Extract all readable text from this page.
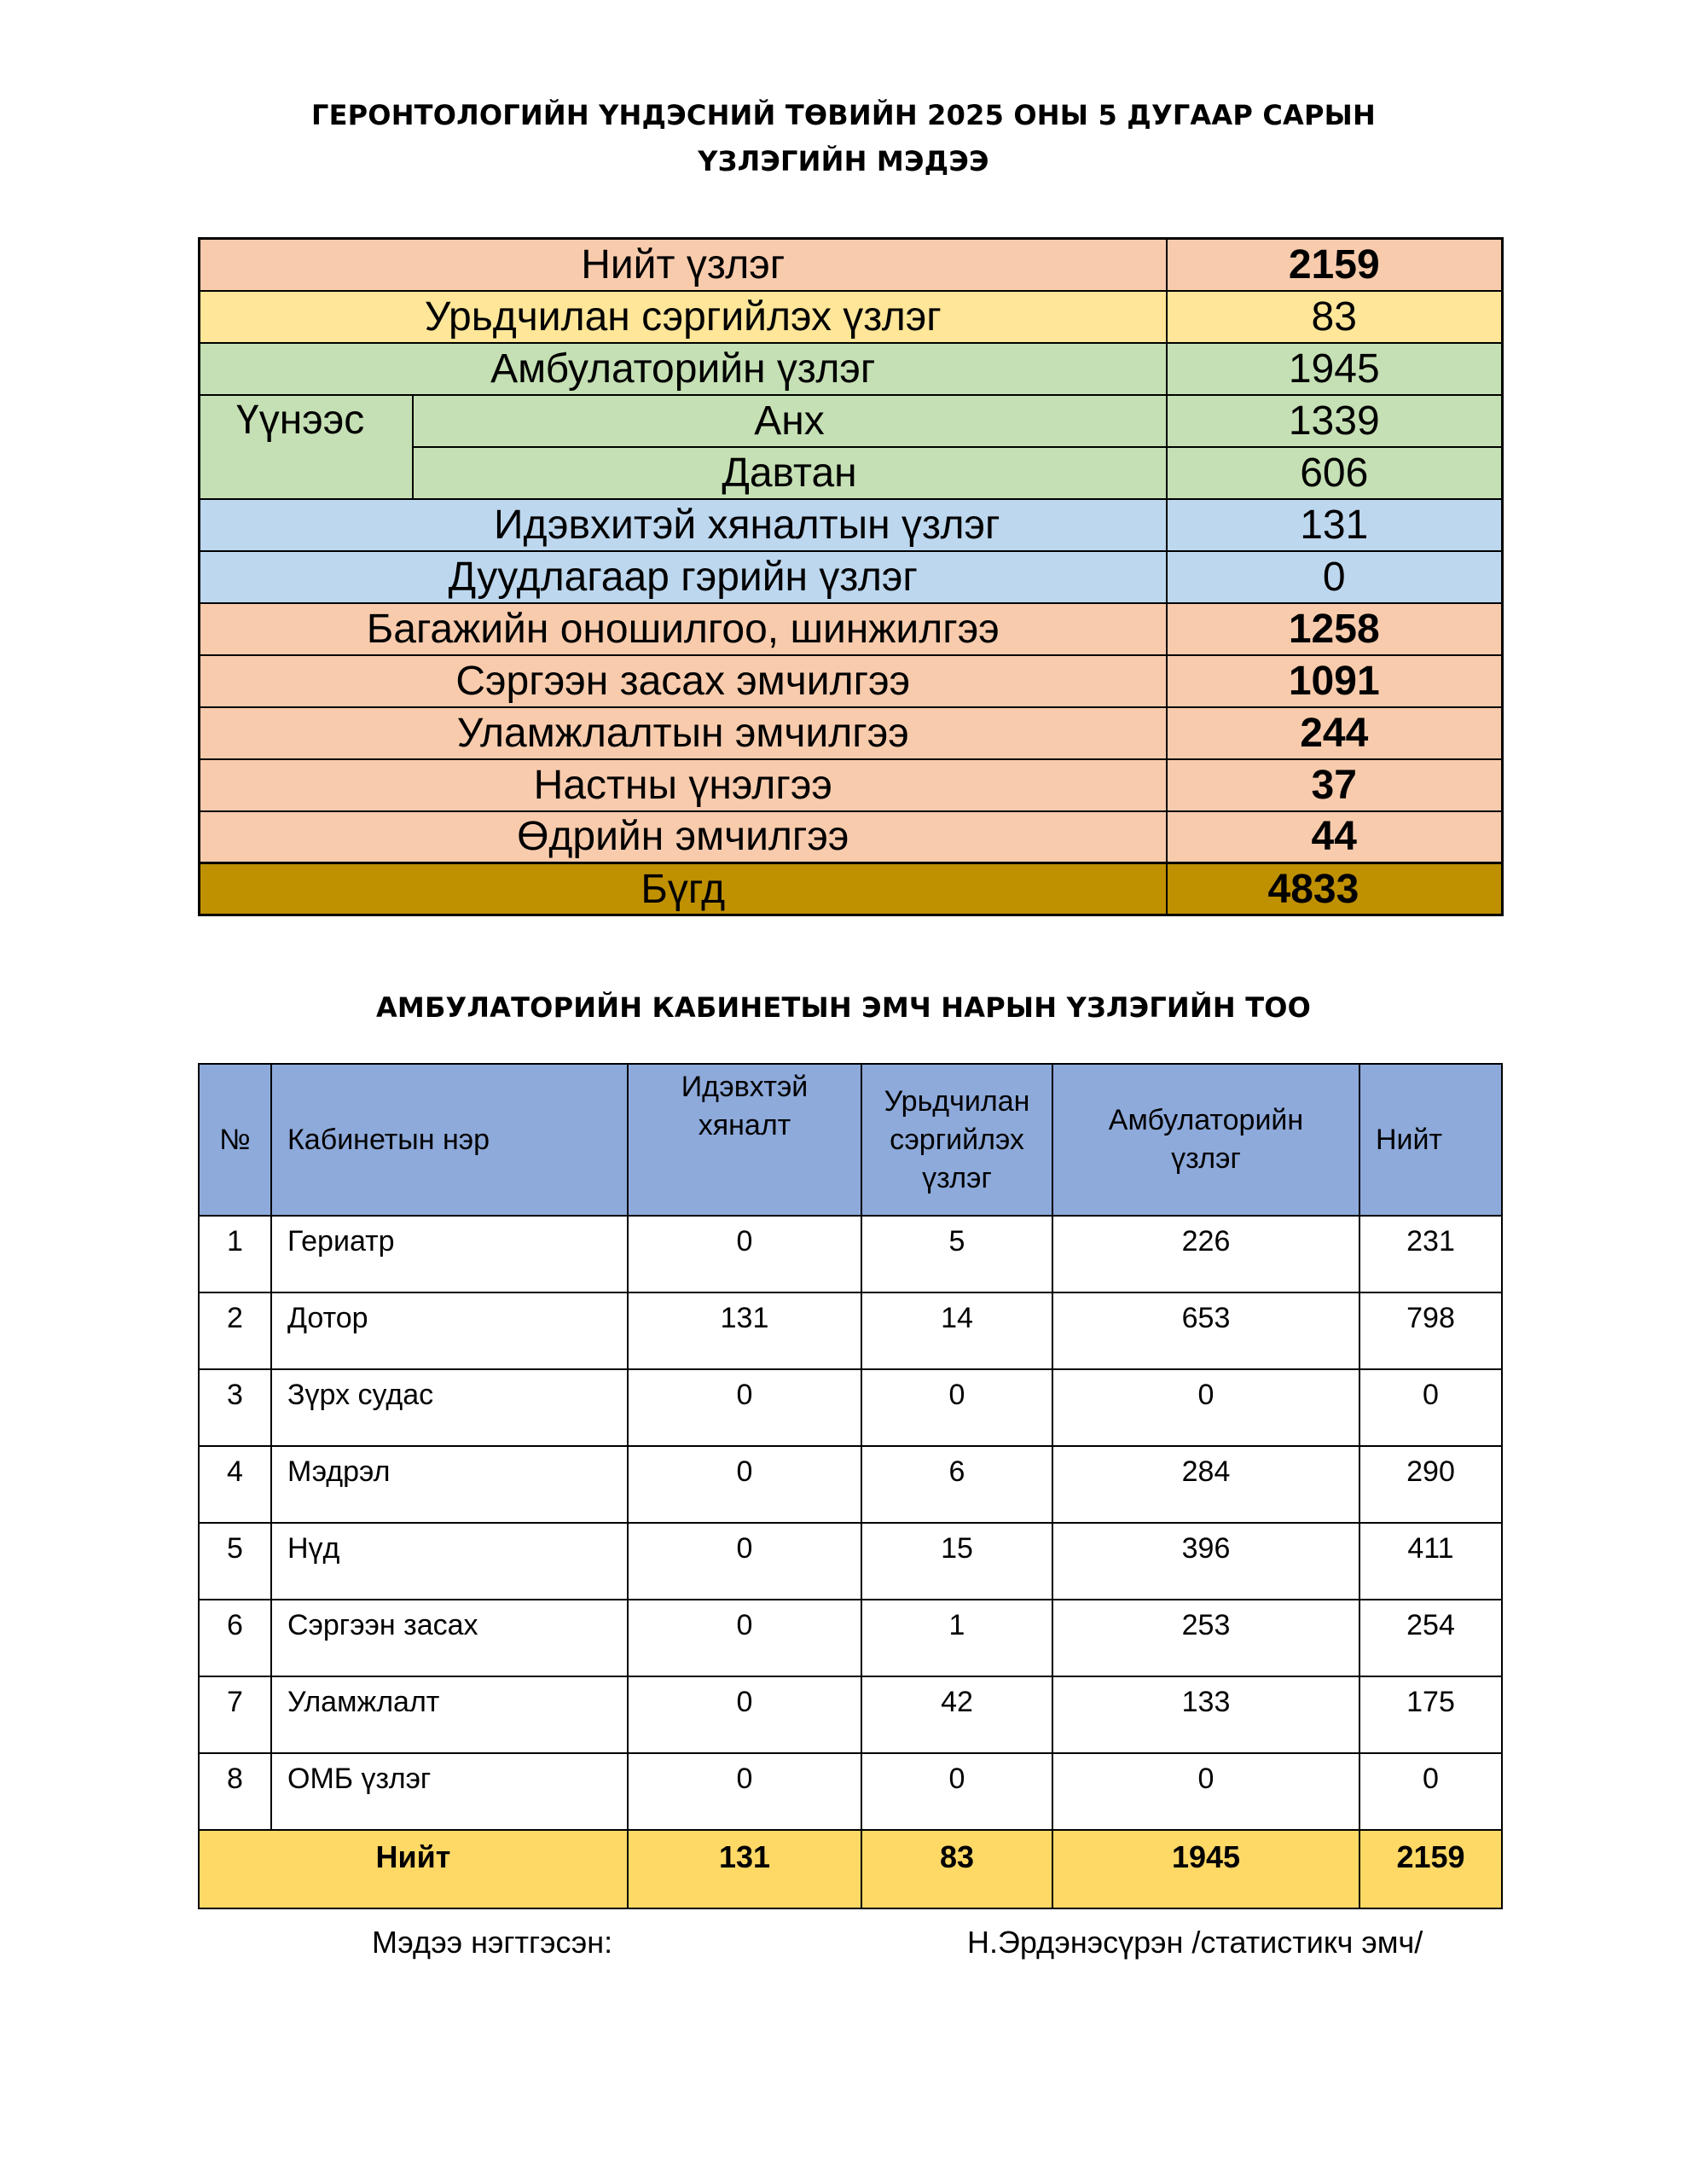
ГЕРОНТОЛОГИЙН ҮНДЭСНИЙ ТӨВИЙН 2025 ОНЫ 5 ДУГААР САРЫН
ҮЗЛЭГИЙН МЭДЭЭ
Нийт үзлэг		2159
Урьдчилан сэргийлэх үзлэг		83
Амбулаторийн үзлэг		1945
Үүнээс	Анх	1339
	Давтан	606
Идэвхитэй хяналтын үзлэг		131
Дуудлагаар гэрийн үзлэг		0
Багажийн оношилгоо, шинжилгээ		1258
Сэргээн засах эмчилгээ		1091
Уламжлалтын эмчилгээ		244
Настны үнэлгээ		37
Өдрийн эмчилгээ		44
Бүгд		4833
АМБУЛАТОРИЙН КАБИНЕТЫН ЭМЧ НАРЫН ҮЗЛЭГИЙН ТОО
№	Кабинетын нэр	Идэвхтэй хяналт	Урьдчилан сэргийлэх үзлэг	Амбулаторийн үзлэг	Нийт
1	Гериатр	0	5	226	231
2	Дотор	131	14	653	798
3	Зүрх судас	0	0	0	0
4	Мэдрэл	0	6	284	290
5	Нүд	0	15	396	411
6	Сэргээн засах	0	1	253	254
7	Уламжлалт	0	42	133	175
8	ОМБ үзлэг	0	0	0	0
Нийт		131	83	1945	2159
Мэдээ нэгтгэсэн:	Н.Эрдэнэсүрэн /статистикч эмч/
